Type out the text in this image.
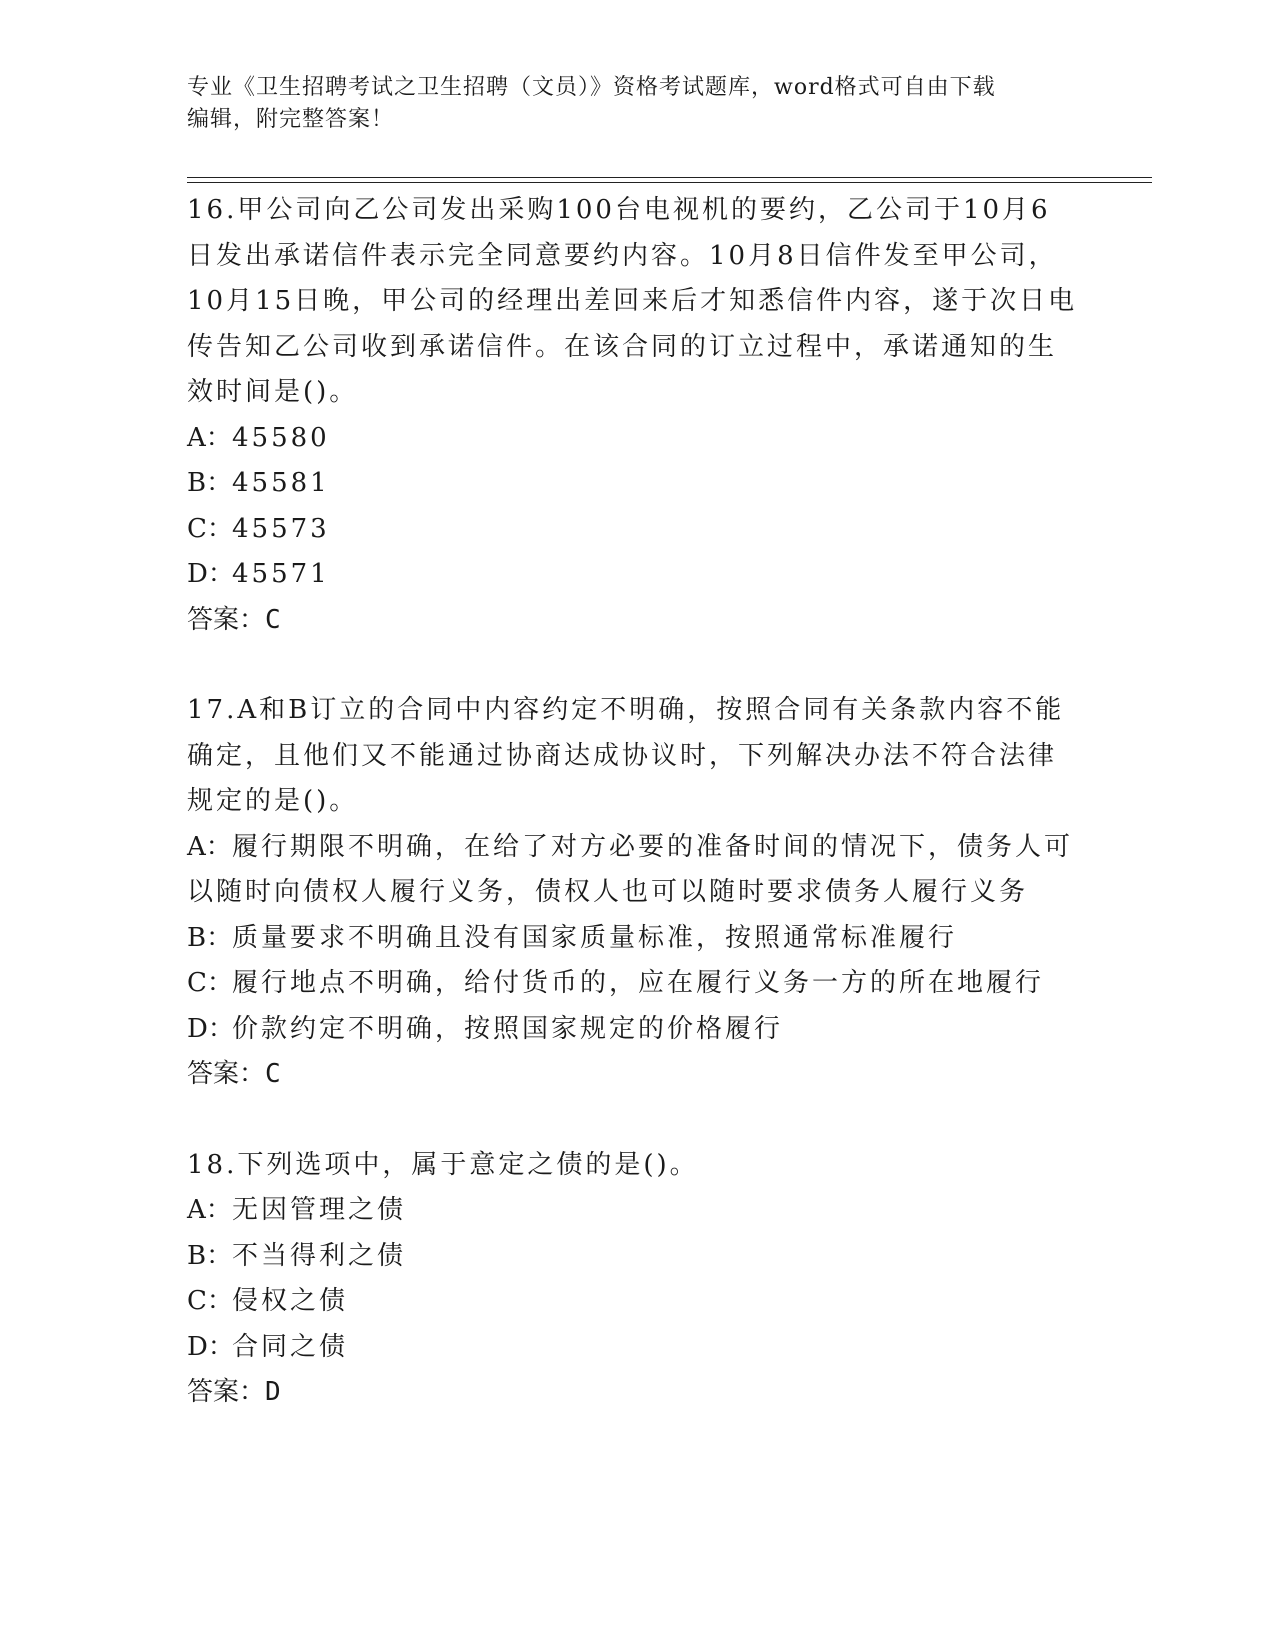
专业《卫生招聘考试之卫生招聘（文员）》资格考试题库，word格式可自由下载
编辑，附完整答案！

16.甲公司向乙公司发出采购100台电视机的要约，乙公司于10月6

日发出承诺信件表示完全同意要约内容。10月8日信件发至甲公司，

10月15日晚，甲公司的经理出差回来后才知悉信件内容，遂于次日电

传告知乙公司收到承诺信件。在该合同的订立过程中，承诺通知的生

效时间是()。

A：45580

B：45581

C：45573

D：45571

答案：C

17.A和B订立的合同中内容约定不明确，按照合同有关条款内容不能

确定，且他们又不能通过协商达成协议时，下列解决办法不符合法律

规定的是()。

A：履行期限不明确，在给了对方必要的准备时间的情况下，债务人可

以随时向债权人履行义务，债权人也可以随时要求债务人履行义务

B：质量要求不明确且没有国家质量标准，按照通常标准履行

C：履行地点不明确，给付货币的，应在履行义务一方的所在地履行

D：价款约定不明确，按照国家规定的价格履行

答案：C

18.下列选项中，属于意定之债的是()。

A：无因管理之债

B：不当得利之债

C：侵权之债

D：合同之债

答案：D
